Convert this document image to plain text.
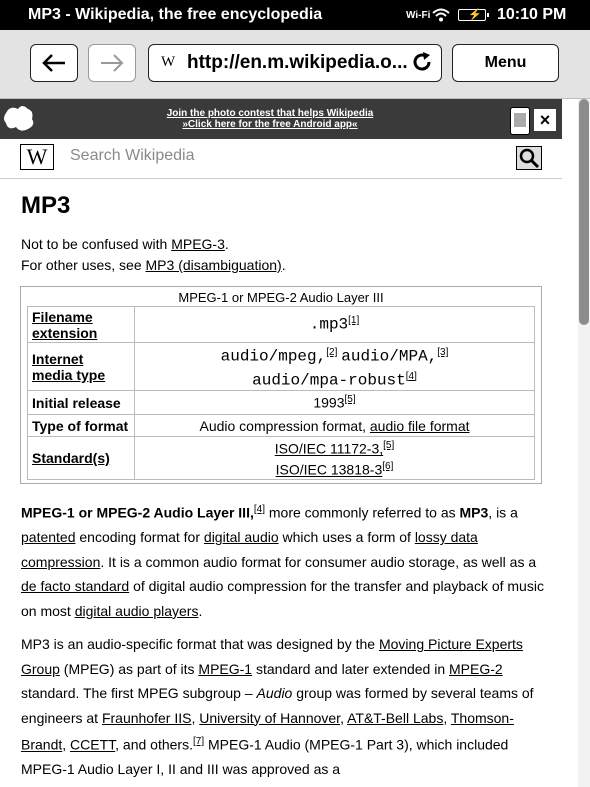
MP3 - Wikipedia, the free encyclopedia	Wi-Fi	⚡ 10:10 PM
W http://en.m.wikipedia.o...	Menu
Join the photo contest that helps Wikipedia
»Click here for the free Android app«	×
W
Search Wikipedia
MP3
Not to be confused with MPEG-3.
For other uses, see MP3 (disambiguation).
MPEG-1 or MPEG-2 Audio Layer III
Filename
extension	.mp3[1]
Internet
media type	audio/mpeg,[2] audio/MPA,[3]
audio/mpa-robust[4]
Initial release	1993[5]
Type of format	Audio compression format, audio file format
Standard(s)	ISO/IEC 11172-3,[5]
ISO/IEC 13818-3[6]
MPEG-1 or MPEG-2 Audio Layer III,[4] more commonly referred to as MP3, is a patented encoding format for digital audio which uses a form of lossy data compression. It is a common audio format for consumer audio storage, as well as a de facto standard of digital audio compression for the transfer and playback of music on most digital audio players.
MP3 is an audio-specific format that was designed by the Moving Picture Experts Group (MPEG) as part of its MPEG-1 standard and later extended in MPEG-2 standard. The first MPEG subgroup – Audio group was formed by several teams of engineers at Fraunhofer IIS, University of Hannover, AT&T-Bell Labs, Thomson-Brandt, CCETT, and others.[7] MPEG-1 Audio (MPEG-1 Part 3), which included MPEG-1 Audio Layer I, II and III was approved as a
